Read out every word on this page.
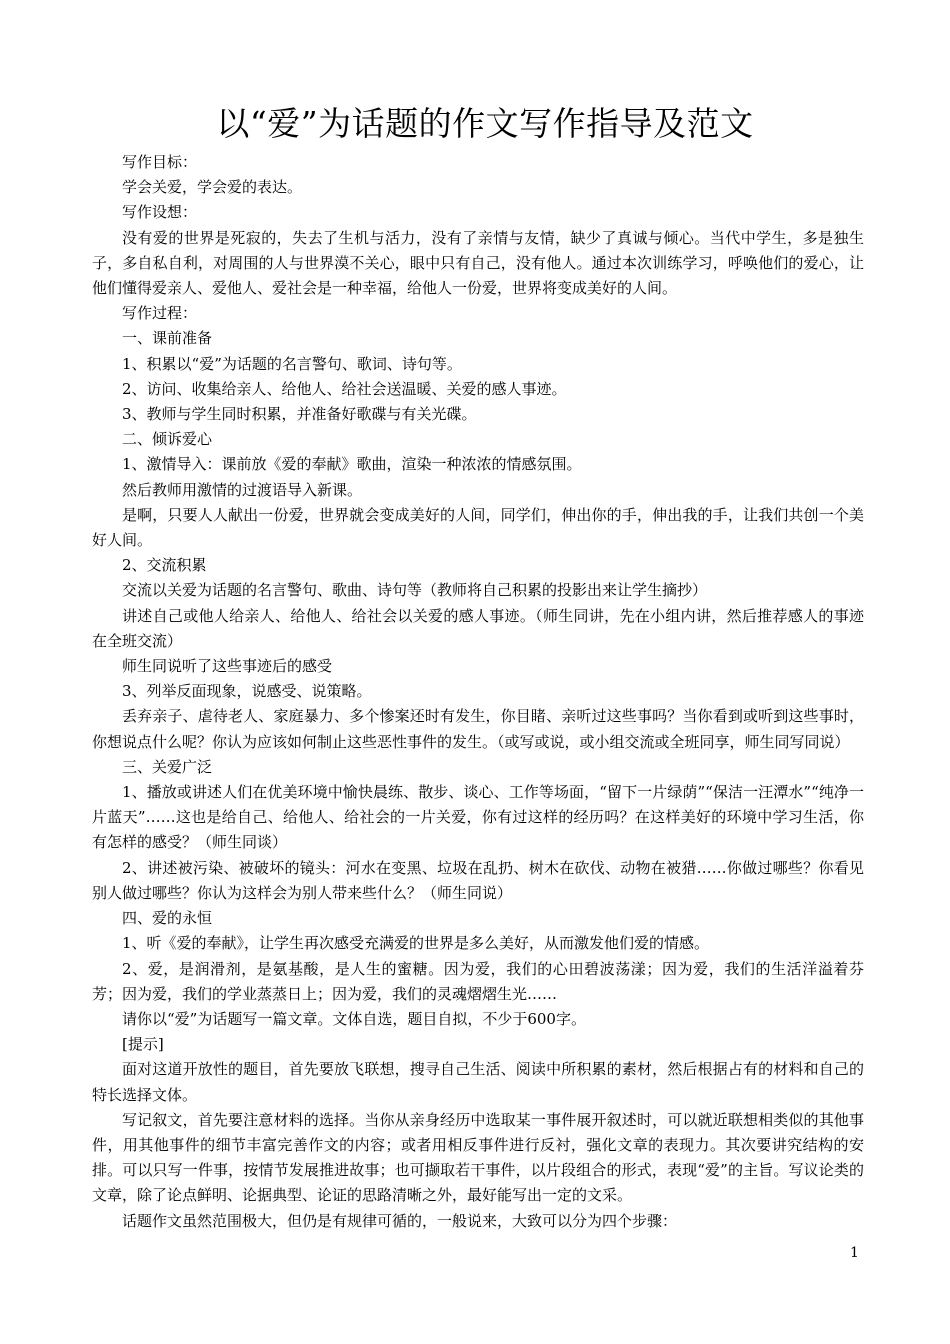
以“爱”为话题的作文写作指导及范文

写作目标：

学会关爱，学会爱的表达。

写作设想：

没有爱的世界是死寂的，失去了生机与活力，没有了亲情与友情，缺少了真诚与倾心。当代中学生，多是独生子，多自私自利，对周围的人与世界漠不关心，眼中只有自己，没有他人。通过本次训练学习，呼唤他们的爱心，让他们懂得爱亲人、爱他人、爱社会是一种幸福，给他人一份爱，世界将变成美好的人间。

写作过程：

一、课前准备

1、积累以“爱”为话题的名言警句、歌词、诗句等。

2、访问、收集给亲人、给他人、给社会送温暖、关爱的感人事迹。

3、教师与学生同时积累，并准备好歌碟与有关光碟。

二、倾诉爱心

1、激情导入：课前放《爱的奉献》歌曲，渲染一种浓浓的情感氛围。

然后教师用激情的过渡语导入新课。

是啊，只要人人献出一份爱，世界就会变成美好的人间，同学们，伸出你的手，伸出我的手，让我们共创一个美好人间。

2、交流积累

交流以关爱为话题的名言警句、歌曲、诗句等（教师将自己积累的投影出来让学生摘抄）

讲述自己或他人给亲人、给他人、给社会以关爱的感人事迹。（师生同讲，先在小组内讲，然后推荐感人的事迹在全班交流）

师生同说听了这些事迹后的感受

3、列举反面现象，说感受、说策略。

丢弃亲子、虐待老人、家庭暴力、多个惨案还时有发生，你目睹、亲听过这些事吗？当你看到或听到这些事时，你想说点什么呢？你认为应该如何制止这些恶性事件的发生。（或写或说，或小组交流或全班同享，师生同写同说）

三、关爱广泛

1、播放或讲述人们在优美环境中愉快晨练、散步、谈心、工作等场面，“留下一片绿荫”“保洁一汪潭水”“纯净一片蓝天”……这也是给自己、给他人、给社会的一片关爱，你有过这样的经历吗？在这样美好的环境中学习生活，你有怎样的感受？（师生同谈）

2、讲述被污染、被破坏的镜头：河水在变黑、垃圾在乱扔、树木在砍伐、动物在被猎……你做过哪些？你看见别人做过哪些？你认为这样会为别人带来些什么？（师生同说）

四、爱的永恒

1、听《爱的奉献》，让学生再次感受充满爱的世界是多么美好，从而激发他们爱的情感。

2、爱，是润滑剂，是氨基酸，是人生的蜜糖。因为爱，我们的心田碧波荡漾；因为爱，我们的生活洋溢着芬芳；因为爱，我们的学业蒸蒸日上；因为爱，我们的灵魂熠熠生光……

请你以“爱”为话题写一篇文章。文体自选，题目自拟，不少于600字。

[提示]

面对这道开放性的题目，首先要放飞联想，搜寻自己生活、阅读中所积累的素材，然后根据占有的材料和自己的特长选择文体。

写记叙文，首先要注意材料的选择。当你从亲身经历中选取某一事件展开叙述时，可以就近联想相类似的其他事件，用其他事件的细节丰富完善作文的内容；或者用相反事件进行反衬，强化文章的表现力。其次要讲究结构的安排。可以只写一件事，按情节发展推进故事；也可撷取若干事件，以片段组合的形式，表现“爱”的主旨。写议论类的文章，除了论点鲜明、论据典型、论证的思路清晰之外，最好能写出一定的文采。

话题作文虽然范围极大，但仍是有规律可循的，一般说来，大致可以分为四个步骤：

1
